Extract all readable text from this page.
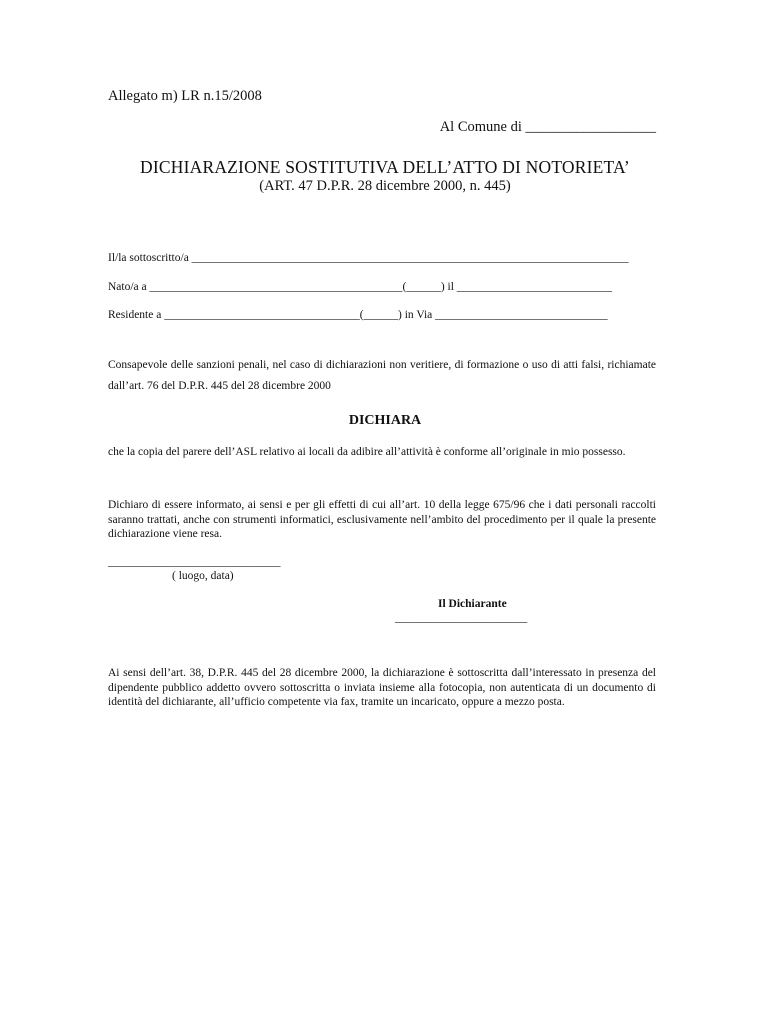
Allegato m) LR n.15/2008
Al Comune di __________________
DICHIARAZIONE SOSTITUTIVA DELL’ATTO DI NOTORIETA’
(ART. 47 D.P.R. 28 dicembre 2000, n. 445)
Il/la sottoscritto/a ____________________________________________________________________________
Nato/a a ____________________________________________(______) il ___________________________
Residente a __________________________________(______) in Via ______________________________
Consapevole delle sanzioni penali, nel caso di dichiarazioni non veritiere, di formazione o uso di atti falsi, richiamate dall’art. 76 del D.P.R. 445 del 28 dicembre 2000
DICHIARA
che la copia del parere dell’ASL relativo ai locali da adibire all’attività è conforme all’originale in mio possesso.
Dichiaro di essere informato, ai sensi e per gli effetti di cui all’art. 10 della legge 675/96 che i dati personali raccolti saranno trattati, anche con strumenti informatici, esclusivamente nell’ambito del procedimento per il quale la presente dichiarazione viene resa.
______________________________
( luogo, data)
Il Dichiarante
_______________________
Ai sensi dell’art. 38, D.P.R. 445 del 28 dicembre 2000, la dichiarazione è sottoscritta dall’interessato in presenza del dipendente pubblico addetto ovvero sottoscritta o inviata insieme alla fotocopia, non autenticata di un documento di identità del dichiarante, all’ufficio competente via fax, tramite un incaricato, oppure a mezzo posta.
